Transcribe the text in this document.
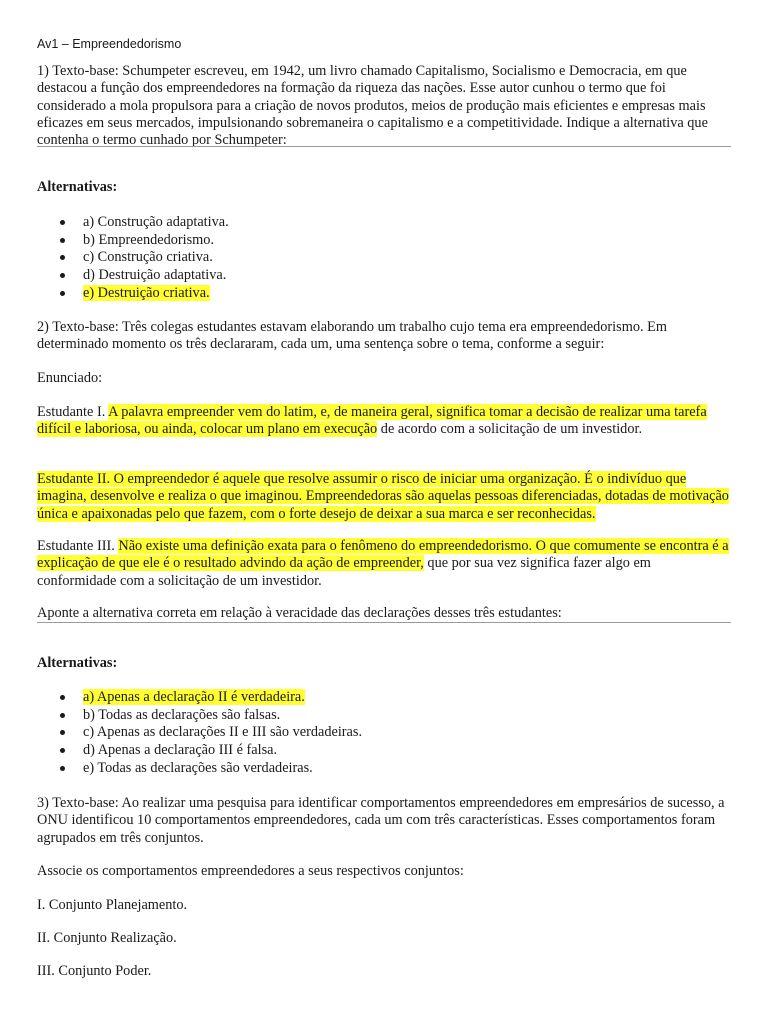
Av1 – Empreendedorismo

1) Texto-base: Schumpeter escreveu, em 1942, um livro chamado Capitalismo, Socialismo e Democracia, em que destacou a função dos empreendedores na formação da riqueza das nações. Esse autor cunhou o termo que foi considerado a mola propulsora para a criação de novos produtos, meios de produção mais eficientes e empresas mais eficazes em seus mercados, impulsionando sobremaneira o capitalismo e a competitividade. Indique a alternativa que contenha o termo cunhado por Schumpeter:

Alternativas:
a) Construção adaptativa.
b) Empreendedorismo.
c) Construção criativa.
d) Destruição adaptativa.
e) Destruição criativa.

2) Texto-base: Três colegas estudantes estavam elaborando um trabalho cujo tema era empreendedorismo. Em determinado momento os três declararam, cada um, uma sentença sobre o tema, conforme a seguir:

Enunciado:

Estudante I. A palavra empreender vem do latim, e, de maneira geral, significa tomar a decisão de realizar uma tarefa difícil e laboriosa, ou ainda, colocar um plano em execução de acordo com a solicitação de um investidor.

Estudante II. O empreendedor é aquele que resolve assumir o risco de iniciar uma organização. É o indivíduo que imagina, desenvolve e realiza o que imaginou. Empreendedoras são aquelas pessoas diferenciadas, dotadas de motivação única e apaixonadas pelo que fazem, com o forte desejo de deixar a sua marca e ser reconhecidas.

Estudante III. Não existe uma definição exata para o fenômeno do empreendedorismo. O que comumente se encontra é a explicação de que ele é o resultado advindo da ação de empreender, que por sua vez significa fazer algo em conformidade com a solicitação de um investidor.

Aponte a alternativa correta em relação à veracidade das declarações desses três estudantes:

Alternativas:
a) Apenas a declaração II é verdadeira.
b) Todas as declarações são falsas.
c) Apenas as declarações II e III são verdadeiras.
d) Apenas a declaração III é falsa.
e) Todas as declarações são verdadeiras.

3) Texto-base: Ao realizar uma pesquisa para identificar comportamentos empreendedores em empresários de sucesso, a ONU identificou 10 comportamentos empreendedores, cada um com três características. Esses comportamentos foram agrupados em três conjuntos.

Associe os comportamentos empreendedores a seus respectivos conjuntos:

I. Conjunto Planejamento.

II. Conjunto Realização.

III. Conjunto Poder.
